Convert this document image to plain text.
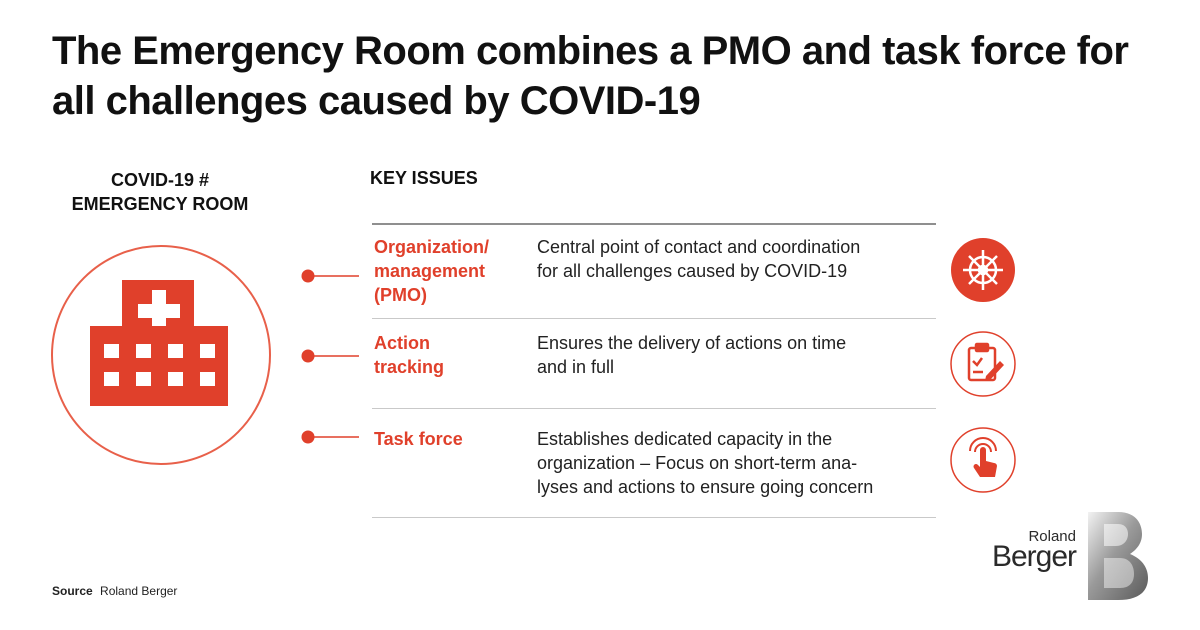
The Emergency Room combines a PMO and task force for all challenges caused by COVID-19
COVID-19 #
EMERGENCY ROOM
KEY ISSUES
Organization/
management
(PMO)
Central point of contact and coordination
for all challenges caused by COVID-19
Action
tracking
Ensures the delivery of actions on time
and in full
Task force	Establishes dedicated capacity in the
organization – Focus on short-term ana-
lyses and actions to ensure going concern
Source Roland Berger
Roland
Berger
